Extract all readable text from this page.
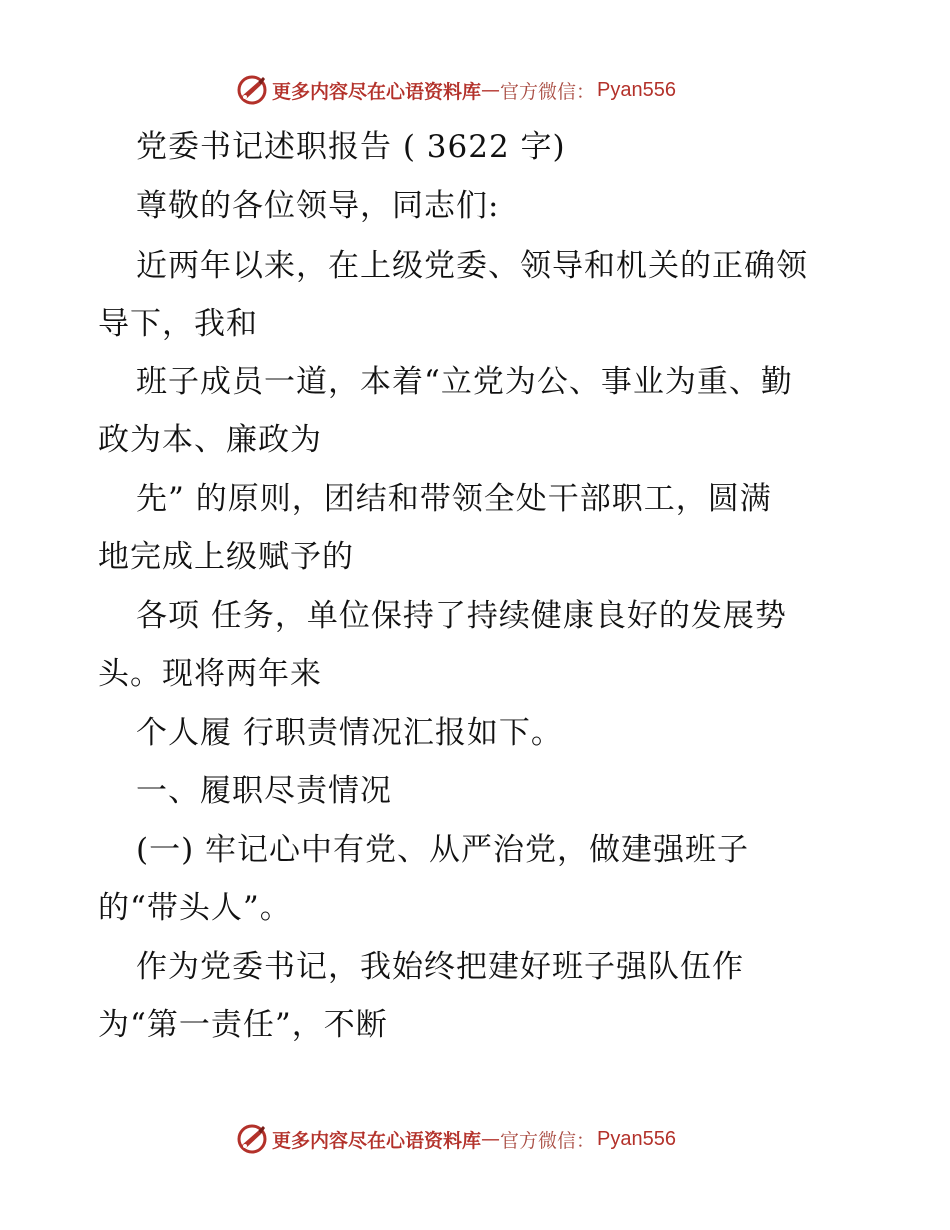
更多内容尽在心语资料库 — 官方微信： Pyan556
党委书记述职报告 ( 3622 字)
尊敬的各位领导，同志们:
近两年以来，在上级党委、领导和机关的正确领
导下，我和
班子成员一道，本着“立党为公、事业为重、勤
政为本、廉政为
先” 的原则，团结和带领全处干部职工，圆满
地完成上级赋予的
各项 任务，单位保持了持续健康良好的发展势
头。现将两年来
个人履 行职责情况汇报如下。
一、履职尽责情况
(一) 牢记心中有党、从严治党，做建强班子
的“带头人”。
作为党委书记，我始终把建好班子强队伍作
为“第一责任”，不断
更多内容尽在心语资料库 — 官方微信： Pyan556
